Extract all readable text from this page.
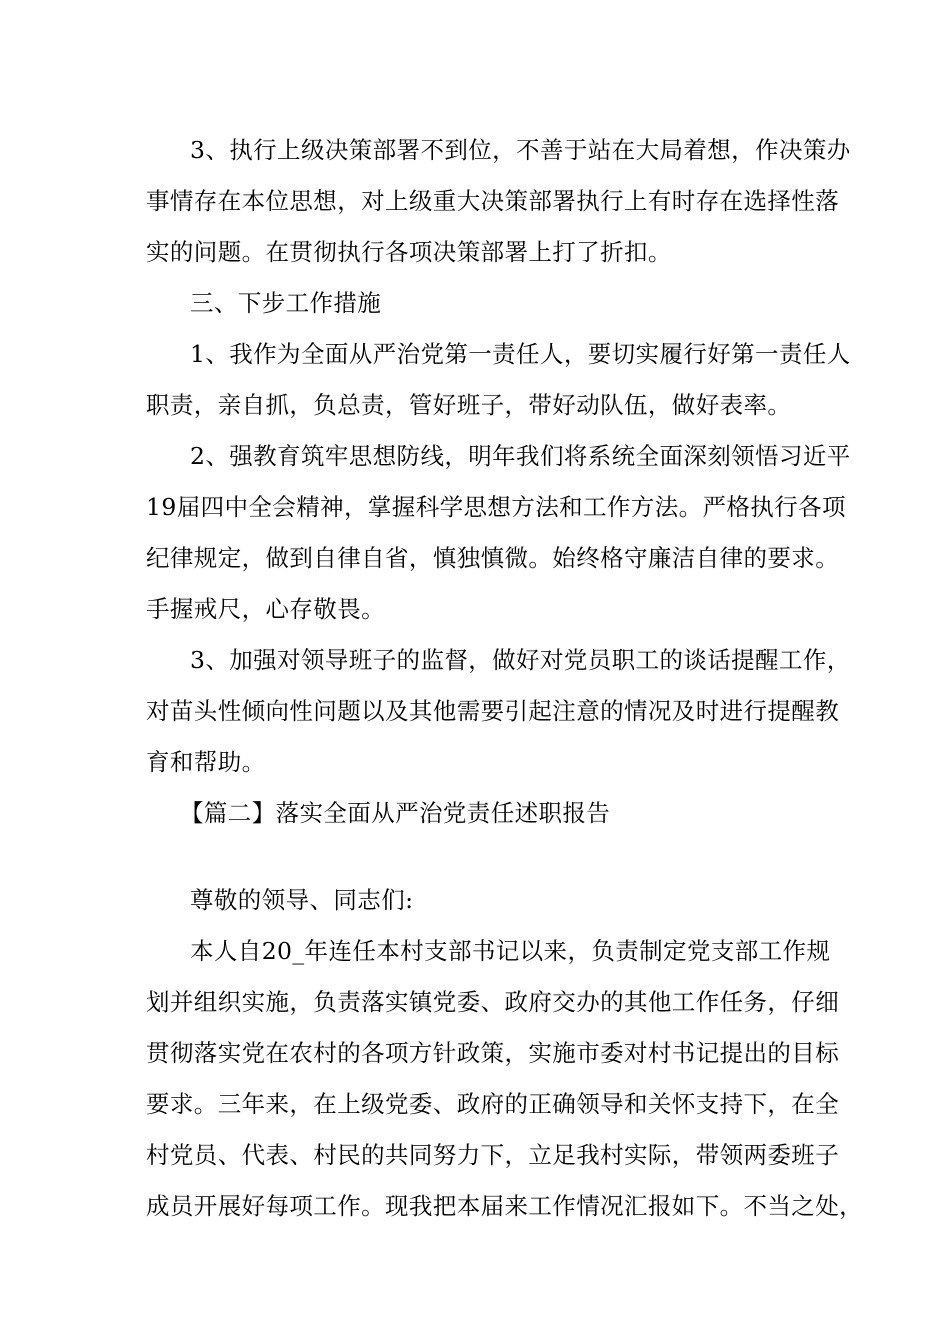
3、执行上级决策部署不到位，不善于站在大局着想，作决策办
事情存在本位思想，对上级重大决策部署执行上有时存在选择性落
实的问题。在贯彻执行各项决策部署上打了折扣。
三、下步工作措施
1、我作为全面从严治党第一责任人，要切实履行好第一责任人
职责，亲自抓，负总责，管好班子，带好动队伍，做好表率。
2、强教育筑牢思想防线，明年我们将系统全面深刻领悟习近平
19届四中全会精神，掌握科学思想方法和工作方法。严格执行各项
纪律规定，做到自律自省，慎独慎微。始终格守廉洁自律的要求。
手握戒尺，心存敬畏。
3、加强对领导班子的监督，做好对党员职工的谈话提醒工作，
对苗头性倾向性问题以及其他需要引起注意的情况及时进行提醒教
育和帮助。
【篇二】落实全面从严治党责任述职报告
尊敬的领导、同志们:
本人自20_年连任本村支部书记以来，负责制定党支部工作规
划并组织实施，负责落实镇党委、政府交办的其他工作任务，仔细
贯彻落实党在农村的各项方针政策，实施市委对村书记提出的目标
要求。三年来，在上级党委、政府的正确领导和关怀支持下，在全
村党员、代表、村民的共同努力下，立足我村实际，带领两委班子
成员开展好每项工作。现我把本届来工作情况汇报如下。不当之处，
